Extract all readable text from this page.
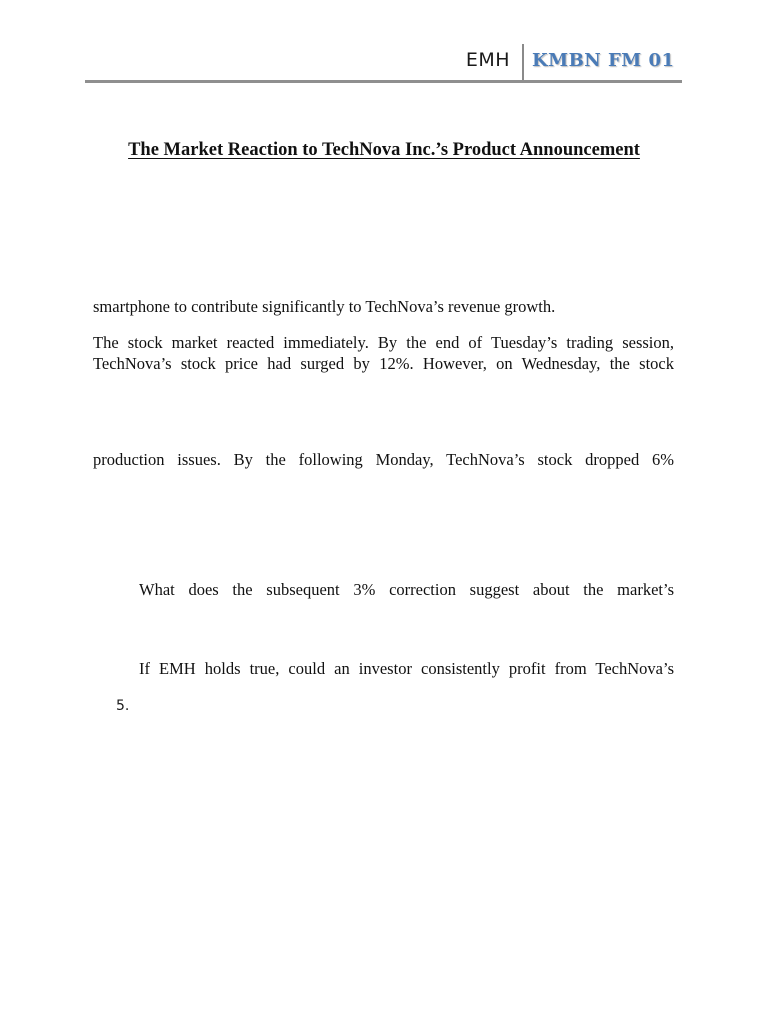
EMH KMBN FM 01
The Market Reaction to TechNova Inc.’s Product Announcement
smartphone to contribute significantly to TechNova’s revenue growth.
The stock market reacted immediately. By the end of Tuesday’s trading session,
TechNova’s stock price had surged by 12%. However, on Wednesday, the stock
production issues. By the following Monday, TechNova’s stock dropped 6%
What does the subsequent 3% correction suggest about the market’s
If EMH holds true, could an investor consistently profit from TechNova’s
5.
